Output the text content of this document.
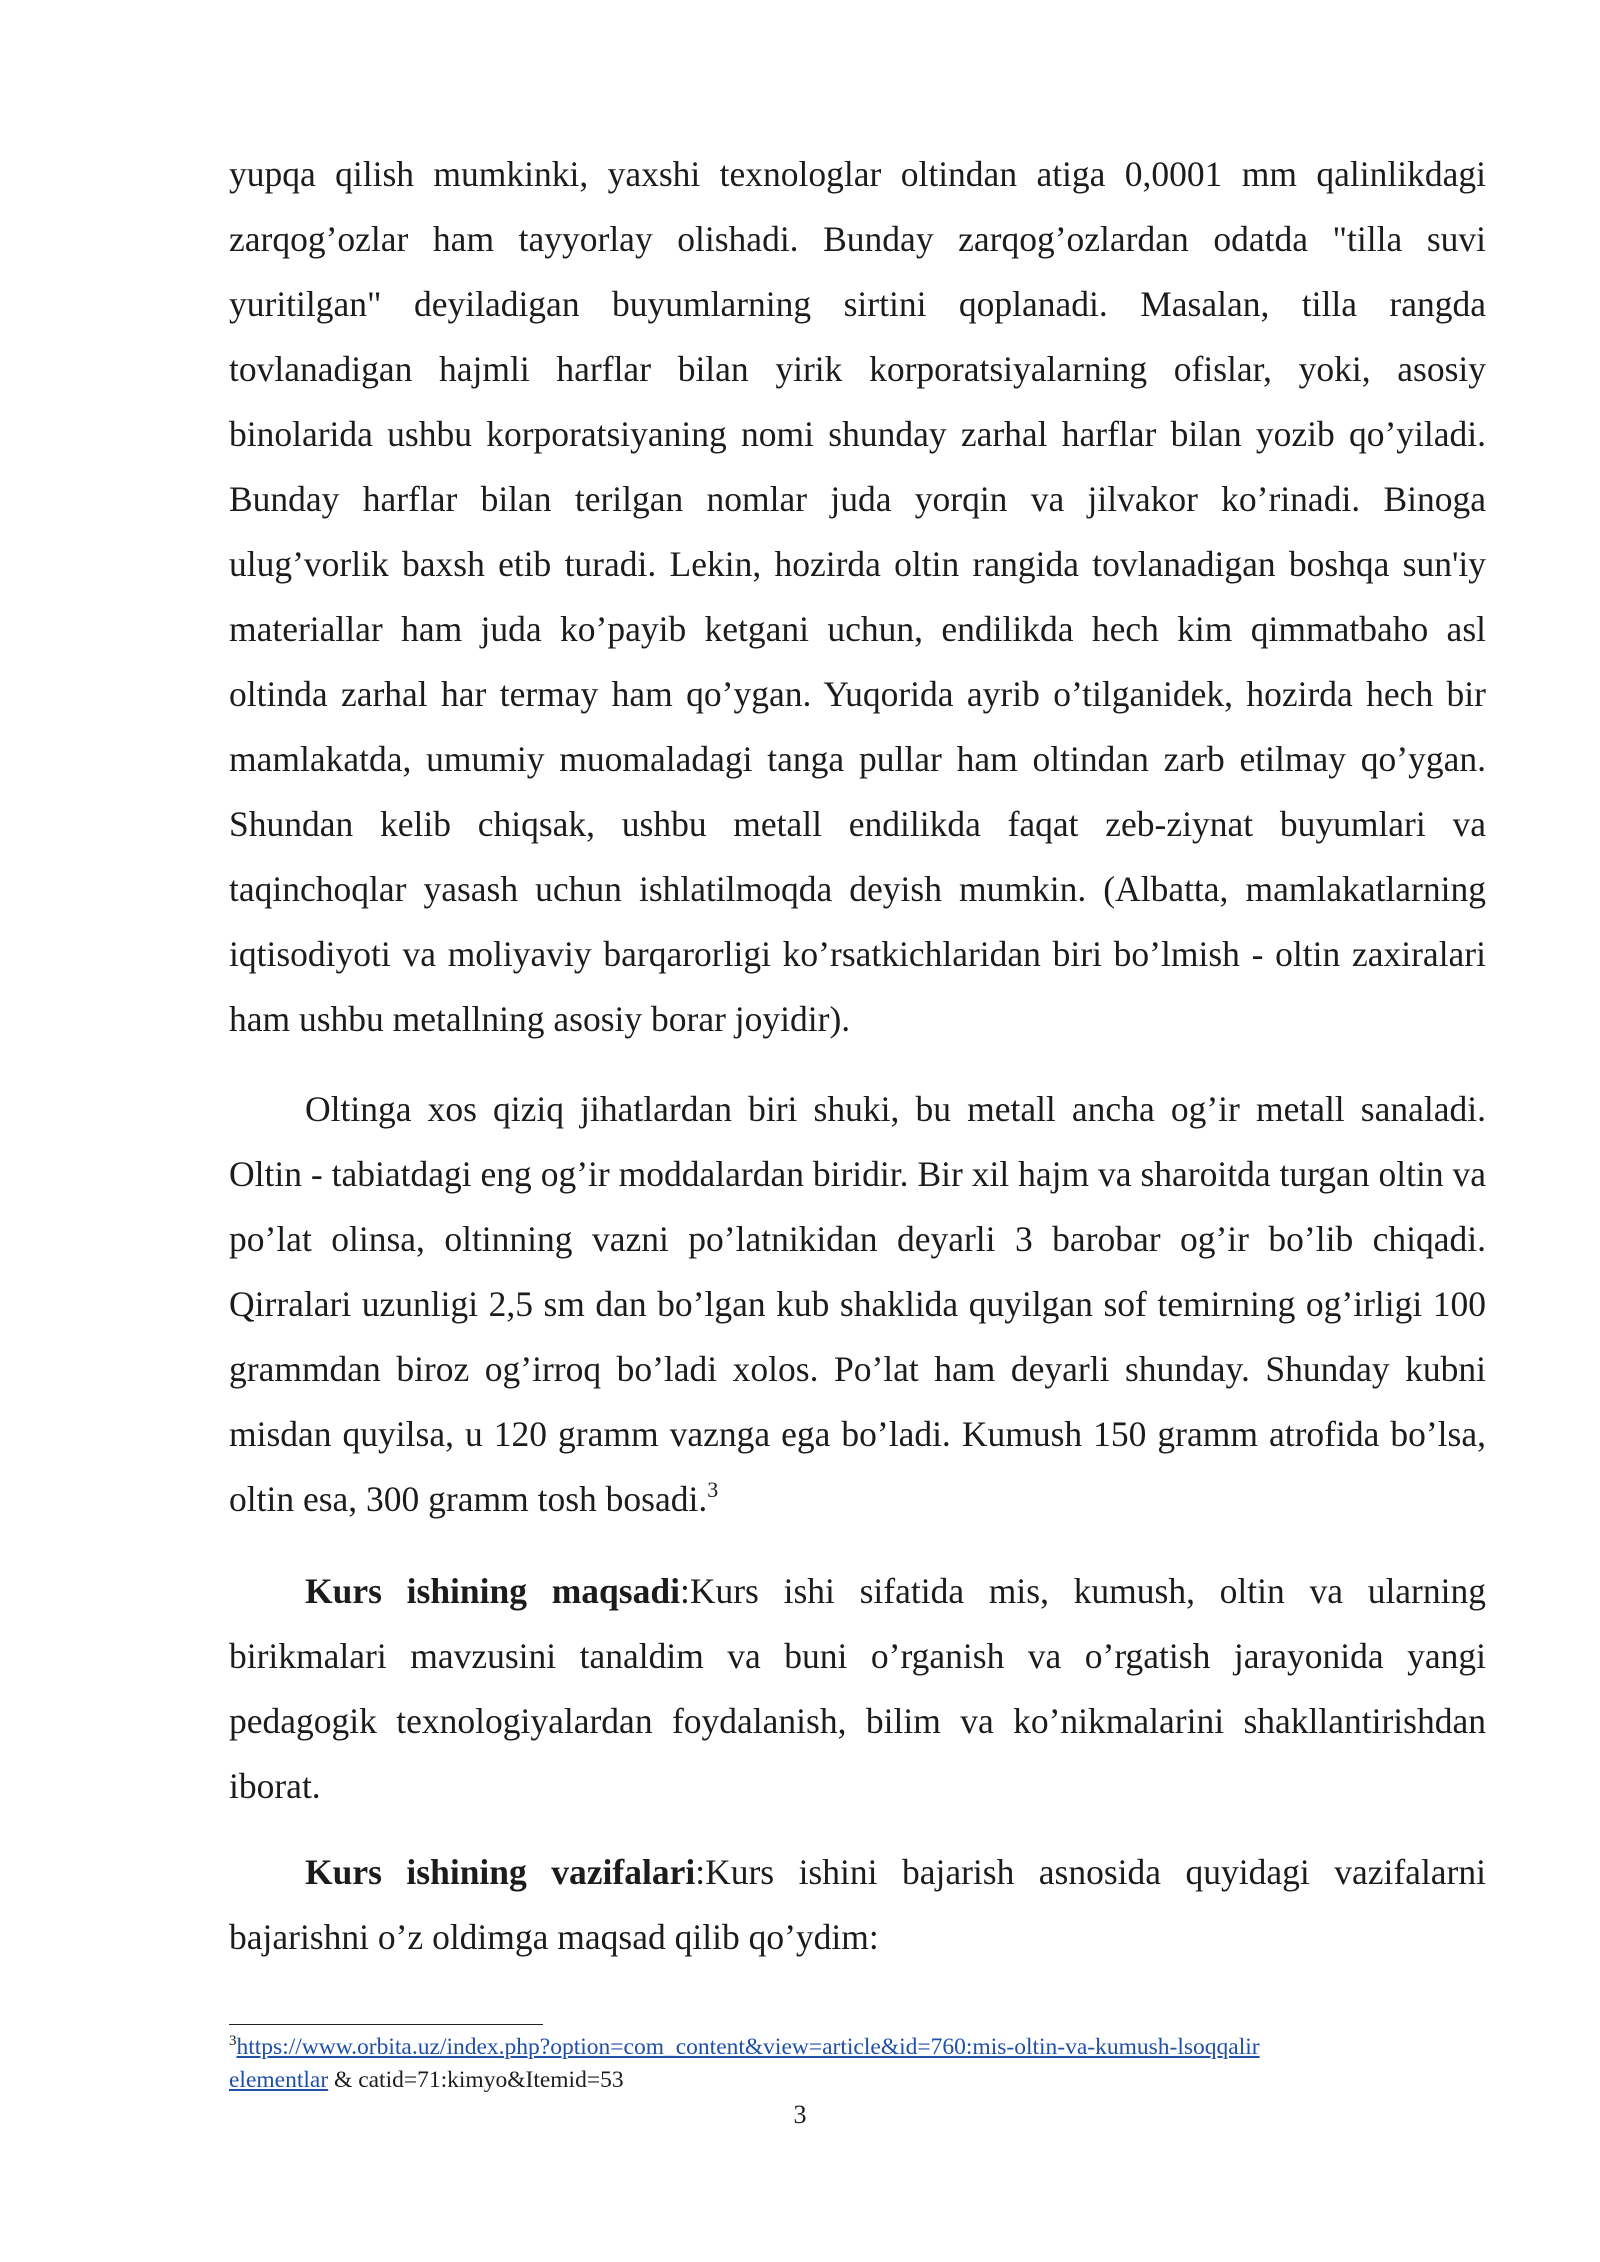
yupqa qilish mumkinki, yaxshi texnologlar oltindan atiga 0,0001 mm qalinlikdagi zarqog’ozlar ham tayyorlay olishadi. Bunday zarqog’ozlardan odatda "tilla suvi yuritilgan" deyiladigan buyumlarning sirtini qoplanadi. Masalan, tilla rangda tovlanadigan hajmli harflar bilan yirik korporatsiyalarning ofislar, yoki, asosiy binolarida ushbu korporatsiyaning nomi shunday zarhal harflar bilan yozib qo’yiladi. Bunday harflar bilan terilgan nomlar juda yorqin va jilvakor ko’rinadi. Binoga ulug’vorlik baxsh etib turadi. Lekin, hozirda oltin rangida tovlanadigan boshqa sun'iy materiallar ham juda ko’payib ketgani uchun, endilikda hech kim qimmatbaho asl oltinda zarhal har termay ham qo’ygan. Yuqorida ayrib o’tilganidek, hozirda hech bir mamlakatda, umumiy muomaladagi tanga pullar ham oltindan zarb etilmay qo’ygan. Shundan kelib chiqsak, ushbu metall endilikda faqat zeb-ziynat buyumlari va taqinchoqlar yasash uchun ishlatilmoqda deyish mumkin. (Albatta, mamlakatlarning iqtisodiyoti va moliyaviy barqarorligi ko’rsatkichlaridan biri bo’lmish - oltin zaxiralari ham ushbu metallning asosiy borar joyidir).

Oltinga xos qiziq jihatlardan biri shuki, bu metall ancha og’ir metall sanaladi. Oltin - tabiatdagi eng og’ir moddalardan biridir. Bir xil hajm va sharoitda turgan oltin va po’lat olinsa, oltinning vazni po’latnikidan deyarli 3 barobar og’ir bo’lib chiqadi. Qirralari uzunligi 2,5 sm dan bo’lgan kub shaklida quyilgan sof temirning og’irligi 100 grammdan biroz og’irroq bo’ladi xolos. Po’lat ham deyarli shunday. Shunday kubni misdan quyilsa, u 120 gramm vaznga ega bo’ladi. Kumush 150 gramm atrofida bo’lsa, oltin esa, 300 gramm tosh bosadi.$^3$

Kurs ishining maqsadi:Kurs ishi sifatida mis, kumush, oltin va ularning birikmalari mavzusini tanaldim va buni o’rganish va o’rgatish jarayonida yangi pedagogik texnologiyalardan foydalanish, bilim va ko’nikmalarini shakllantirishdan iborat.

Kurs ishining vazifalari:Kurs ishini bajarish asnosida quyidagi vazifalarni bajarishni o’z oldimga maqsad qilib qo’ydim:

$^3$https://www.orbita.uz/index.php?option=com_content&view=article&id=760:mis-oltin-va-kumush-lsoqqalir
elementlar & catid=71:kimyo&Itemid=53

3
